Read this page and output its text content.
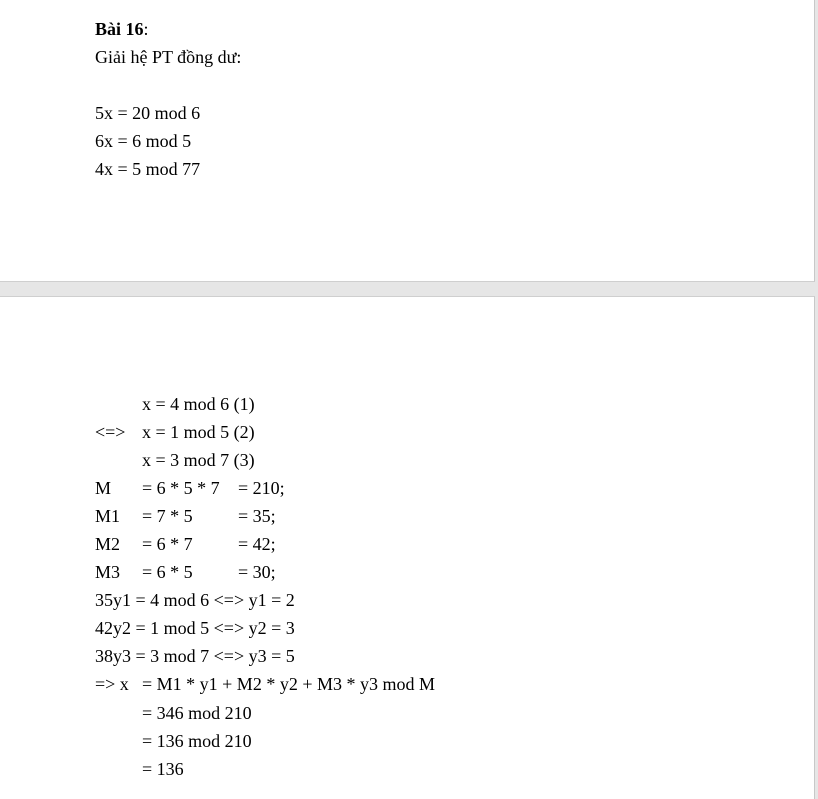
Bài 16:
Giải hệ PT đồng dư:
5x = 20 mod 6
6x = 6 mod 5
4x = 5 mod 77
x = 4 mod 6 (1)
<=> x = 1 mod 5 (2)
x = 3 mod 7 (3)
M = 6 * 5 * 7 = 210;
M1 = 7 * 5	= 35;
M2 = 6 * 7	= 42;
M3 = 6 * 5	= 30;
35y1 = 4 mod 6 <=> y1 = 2
42y2 = 1 mod 5 <=> y2 = 3
38y3 = 3 mod 7 <=> y3 = 5
=> x = M1 * y1 + M2 * y2 + M3 * y3 mod M
= 346 mod 210
= 136 mod 210
= 136
